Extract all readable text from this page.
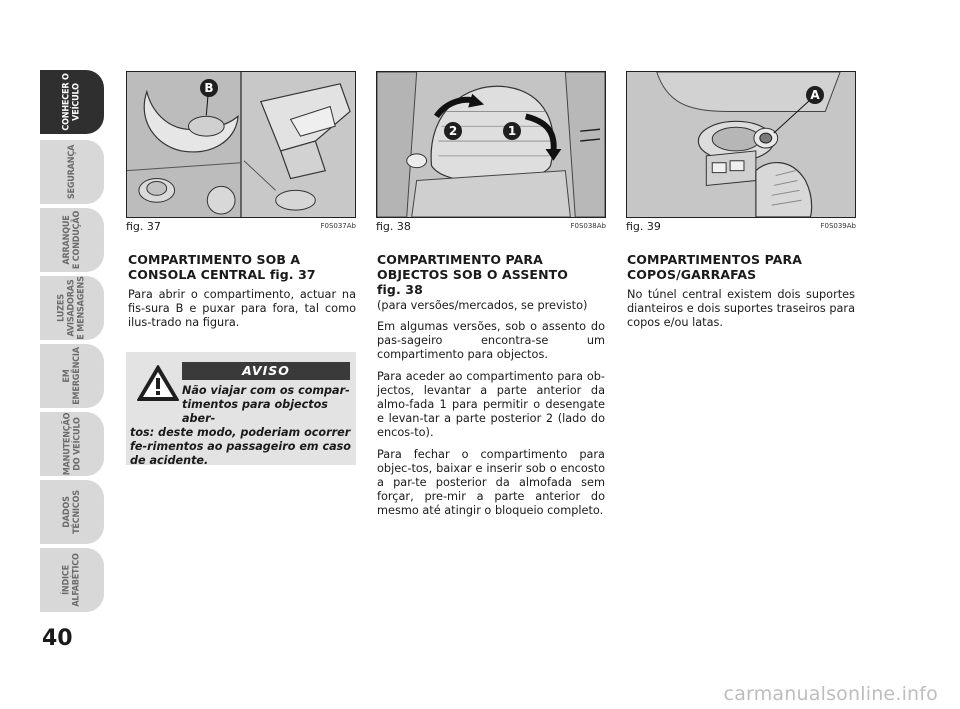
CONHECER O
VEÍCULO
SEGURANÇA
ARRANQUE
E CONDUÇÃO
LUZES
AVISADORAS
E MENSAGENS
EM
EMERGÊNCIA
MANUTENÇÃO
DO VEÍCULO
DADOS
TÉCNICOS
ÍNDICE
ALFABÉTICO
40
B
fig. 37	F0S037Ab
2	1
fig. 38	F0S038Ab
A
fig. 39	F0S039Ab
COMPARTIMENTO SOB A CONSOLA CENTRAL fig. 37

Para abrir o compartimento, actuar na fis-sura B e puxar para fora, tal como ilus-trado na figura.

AVISO
Não viajar com os compar-
timentos para objectos aber-
tos: deste modo, poderiam ocorrer fe-rimentos ao passageiro em caso de acidente.
COMPARTIMENTO PARA OBJECTOS SOB O ASSENTO
fig. 38
(para versões/mercados, se previsto)

Em algumas versões, sob o assento do pas-sageiro encontra-se um compartimento para objectos.

Para aceder ao compartimento para ob-jectos, levantar a parte anterior da almo-fada 1 para permitir o desengate e levan-tar a parte posterior 2 (lado do encos-to).

Para fechar o compartimento para objec-tos, baixar e inserir sob o encosto a par-te posterior da almofada sem forçar, pre-mir a parte anterior do mesmo até atingir o bloqueio completo.

COMPARTIMENTOS PARA COPOS/GARRAFAS

No túnel central existem dois suportes dianteiros e dois suportes traseiros para copos e/ou latas.

carmanualsonline.info
